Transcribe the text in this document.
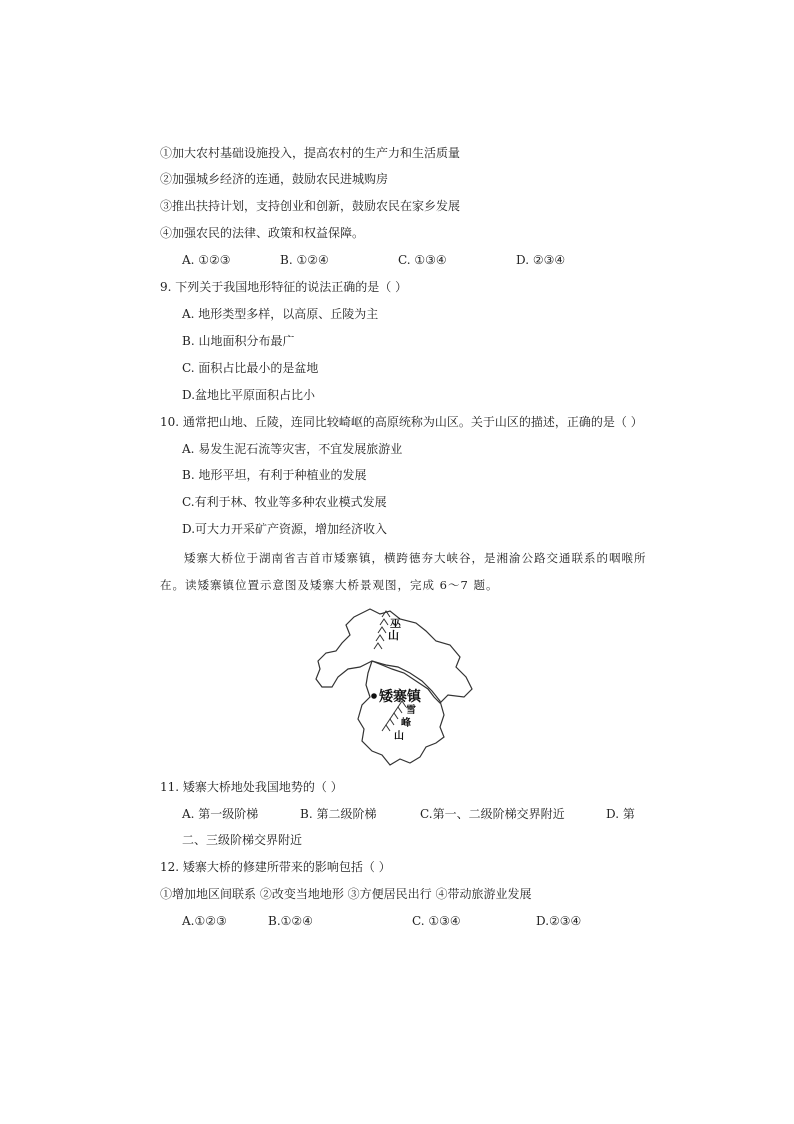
①加大农村基础设施投入，提高农村的生产力和生活质量
②加强城乡经济的连通，鼓励农民进城购房
③推出扶持计划，支持创业和创新，鼓励农民在家乡发展
④加强农民的法律、政策和权益保障。
A. ①②③	B. ①②④	C. ①③④	D. ②③④
9. 下列关于我国地形特征的说法正确的是（ ）
A. 地形类型多样，以高原、丘陵为主
B. 山地面积分布最广
C. 面积占比最小的是盆地
D.盆地比平原面积占比小
10. 通常把山地、丘陵，连同比较崎岖的高原统称为山区。关于山区的描述，正确的是（ ）
A. 易发生泥石流等灾害，不宜发展旅游业
B. 地形平坦，有利于种植业的发展
C.有利于林、牧业等多种农业模式发展
D.可大力开采矿产资源，增加经济收入
矮寨大桥位于湖南省吉首市矮寨镇，横跨德夯大峡谷，是湘渝公路交通联系的咽喉所
在。读矮寨镇位置示意图及矮寨大桥景观图，完成 6～7 题。
巫
山
矮寨镇
雪
峰
山
11. 矮寨大桥地处我国地势的（ ）
A. 第一级阶梯	B. 第二级阶梯	C.第一、二级阶梯交界附近	D. 第
二、三级阶梯交界附近
12. 矮寨大桥的修建所带来的影响包括（ ）
①增加地区间联系 ②改变当地地形 ③方便居民出行 ④带动旅游业发展
A.①②③	B.①②④	C. ①③④	D.②③④
